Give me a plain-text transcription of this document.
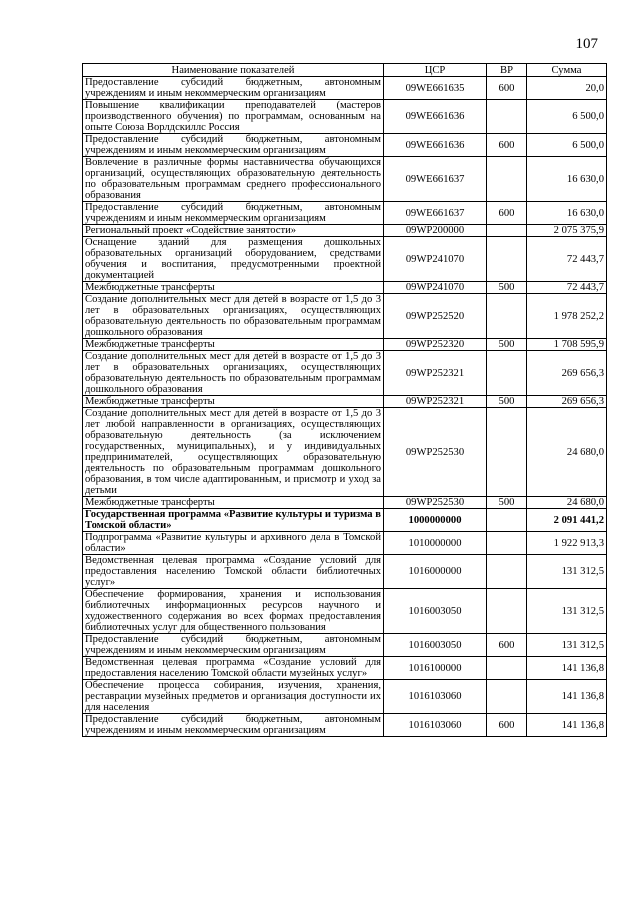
107
Наименование показателей	ЦСР	ВР	Сумма
Предоставление субсидий бюджетным, автономным учреждениям и иным некоммерческим организациям	09WE661635	600	20,0
Повышение квалификации преподавателей (мастеров производственного обучения) по программам, основанным на опыте Союза Ворлдскиллс Россия	09WE661636		6 500,0
Предоставление субсидий бюджетным, автономным учреждениям и иным некоммерческим организациям	09WE661636	600	6 500,0
Вовлечение в различные формы наставничества обучающихся организаций, осуществляющих образовательную деятельность по образовательным программам среднего профессионального образования	09WE661637		16 630,0
Предоставление субсидий бюджетным, автономным учреждениям и иным некоммерческим организациям	09WE661637	600	16 630,0
Региональный проект «Содействие занятости»	09WP200000		2 075 375,9
Оснащение зданий для размещения дошкольных образовательных организаций оборудованием, средствами обучения и воспитания, предусмотренными проектной документацией	09WP241070		72 443,7
Межбюджетные трансферты	09WP241070	500	72 443,7
Создание дополнительных мест для детей в возрасте от 1,5 до 3 лет в образовательных организациях, осуществляющих образовательную деятельность по образовательным программам дошкольного образования	09WP252520		1 978 252,2
Межбюджетные трансферты	09WP252320	500	1 708 595,9
Создание дополнительных мест для детей в возрасте от 1,5 до 3 лет в образовательных организациях, осуществляющих образовательную деятельность по образовательным программам дошкольного образования	09WP252321		269 656,3
Межбюджетные трансферты	09WP252321	500	269 656,3
Создание дополнительных мест для детей в возрасте от 1,5 до 3 лет любой направленности в организациях, осуществляющих образовательную деятельность (за исключением государственных, муниципальных), и у индивидуальных предпринимателей, осуществляющих образовательную деятельность по образовательным программам дошкольного образования, в том числе адаптированным, и присмотр и уход за детьми	09WP252530		24 680,0
Межбюджетные трансферты	09WP252530	500	24 680,0
Государственная программа «Развитие культуры и туризма в Томской области»	1000000000		2 091 441,2
Подпрограмма «Развитие культуры и архивного дела в Томской области»	1010000000		1 922 913,3
Ведомственная целевая программа «Создание условий для предоставления населению Томской области библиотечных услуг»	1016000000		131 312,5
Обеспечение формирования, хранения и использования библиотечных информационных ресурсов научного и художественного содержания во всех формах предоставления библиотечных услуг для общественного пользования	1016003050		131 312,5
Предоставление субсидий бюджетным, автономным учреждениям и иным некоммерческим организациям	1016003050	600	131 312,5
Ведомственная целевая программа «Создание условий для предоставления населению Томской области музейных услуг»	1016100000		141 136,8
Обеспечение процесса собирания, изучения, хранения, реставрации музейных предметов и организация доступности их для населения	1016103060		141 136,8
Предоставление субсидий бюджетным, автономным учреждениям и иным некоммерческим организациям	1016103060	600	141 136,8
